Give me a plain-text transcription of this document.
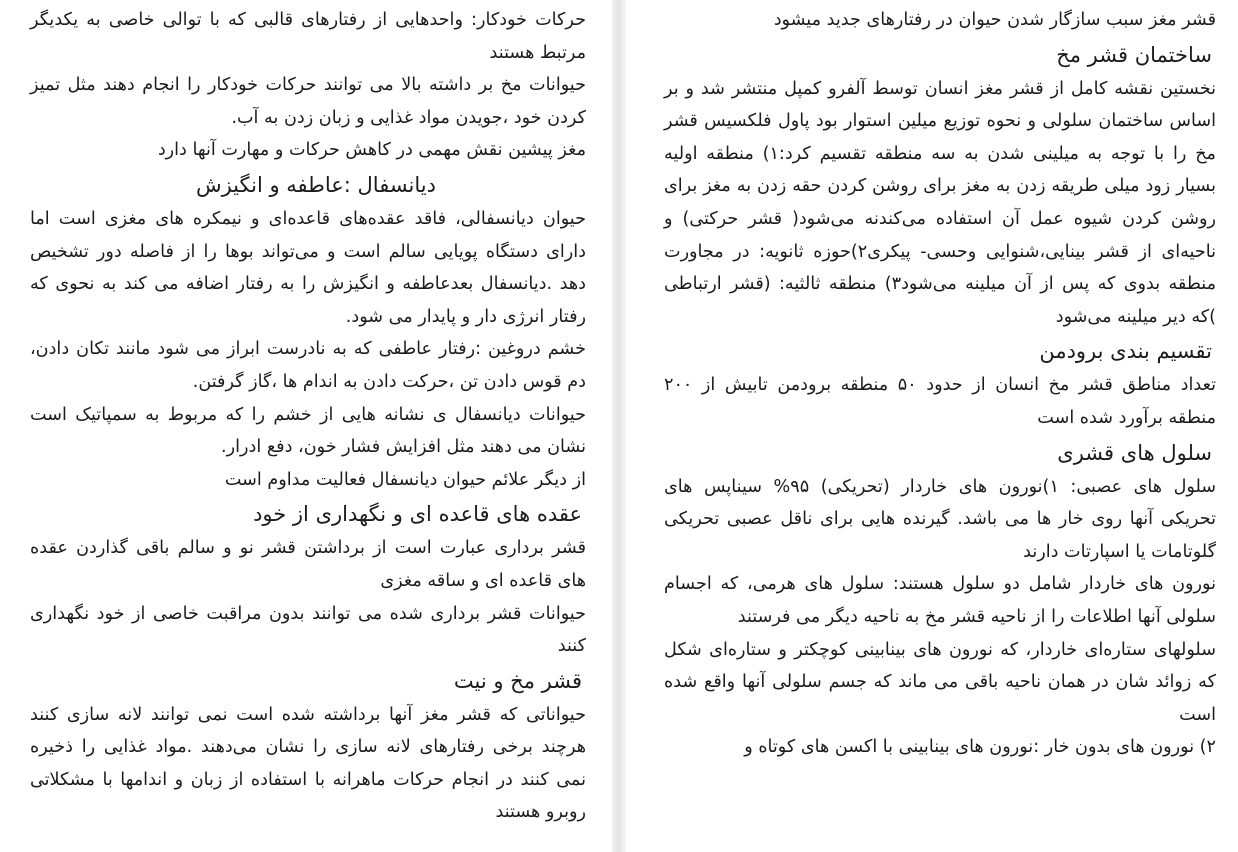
حرکات خودکار: واحدهایی از رفتارهای قالبی که با توالی خاصی به یکدیگر مرتبط هستند

حیوانات مخ بر داشته بالا می توانند حرکات خودکار را انجام دهند مثل تمیز کردن خود ،جویدن مواد غذایی و زبان زدن به آب.

مغز پیشین نقش مهمی در کاهش حرکات و مهارت آنها دارد

دیانسفال :عاطفه و انگیزش

حیوان دیانسفالی، فاقد عقده‌های قاعده‌ای و نیمکره های مغزی است اما دارای دستگاه پویایی سالم است و می‌تواند بوها را از فاصله دور تشخیص دهد .دیانسفال بعدعاطفه و انگیزش را به رفتار اضافه می کند به نحوی که رفتار انرژی دار و پایدار می شود.

خشم دروغین :رفتار عاطفی که به نادرست ابراز می شود مانند تکان دادن، دم قوس دادن تن ،حرکت دادن به اندام ها ،گاز گرفتن.

حیوانات دیانسفال ی نشانه هایی از خشم را که مربوط به سمپاتیک است نشان می دهند مثل افزایش فشار خون، دفع ادرار.

از دیگر علائم حیوان دیانسفال فعالیت مداوم است

عقده های قاعده ای و نگهداری از خود

قشر برداری عبارت است از برداشتن قشر نو و سالم باقی گذاردن عقده های قاعده ای و ساقه مغزی

حیوانات قشر برداری شده می توانند بدون مراقبت خاصی از خود نگهداری کنند

قشر مخ و نیت

حیواناتی که قشر مغز آنها برداشته شده است نمی توانند لانه سازی کنند هرچند برخی رفتارهای لانه سازی را نشان می‌دهند .مواد غذایی را ذخیره نمی کنند در انجام حرکات ماهرانه با استفاده از زبان و اندامها با مشکلاتی روبرو هستند

قشر مغز سبب سازگار شدن حیوان در رفتارهای جدید میشود

ساختمان قشر مخ

نخستین نقشه کامل از قشر مغز انسان توسط آلفرو کمپل منتشر شد و بر اساس ساختمان سلولی و نحوه توزیع میلین استوار بود پاول فلکسیس قشر مخ را با توجه به میلینی شدن به سه منطقه تقسیم کرد:۱) منطقه اولیه بسیار زود میلی طریقه زدن به مغز برای روشن کردن حقه زدن به مغز برای روشن کردن شیوه عمل آن استفاده می‌کندنه می‌شود( قشر حرکتی) و ناحیه‌ای از قشر بینایی،شنوایی وحسی- پیکری۲)حوزه ثانویه: در مجاورت منطقه بدوی که پس از آن میلینه می‌شود۳) منطقه ثالثیه: (قشر ارتباطی )که دیر میلینه می‌شود

تقسیم بندی برودمن

تعداد مناطق قشر مخ انسان از حدود ۵۰ منطقه برودمن تابیش از ۲۰۰ منطقه برآورد شده است

سلول های قشری

سلول های عصبی: ۱)نورون های خاردار (تحریکی) ۹۵% سیناپس های تحریکی آنها روی خار ها می باشد. گیرنده هایی برای ناقل عصبی تحریکی گلوتامات یا اسپارتات دارند

نورون های خاردار شامل دو سلول هستند: سلول های هرمی، که اجسام سلولی آنها اطلاعات را از ناحیه قشر مخ به ناحیه دیگر می فرستند

سلولهای ستاره‌ای خاردار، که نورون های بینابینی کوچکتر و ستاره‌ای شکل که زوائد شان در همان ناحیه باقی می ماند که جسم سلولی آنها واقع شده است

۲) نورون های بدون خار :نورون های بینابینی با اکسن های کوتاه و
